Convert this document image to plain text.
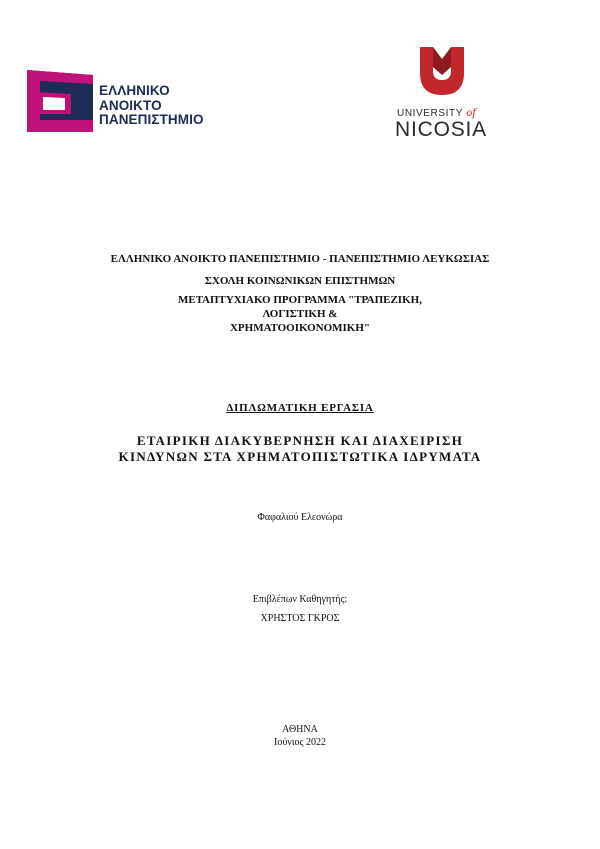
ΕΛΛΗΝΙΚΟ
ΑΝΟΙΚΤΟ
ΠΑΝΕΠΙΣΤΗΜΙΟ	UNIVERSITY of
NICOSIA
ΕΛΛΗΝΙΚΟ ΑΝΟΙΚΤΟ ΠΑΝΕΠΙΣΤΗΜΙΟ - ΠΑΝΕΠΙΣΤΗΜΙΟ ΛΕΥΚΩΣΙΑΣ
ΣΧΟΛΗ ΚΟΙΝΩΝΙΚΩΝ ΕΠΙΣΤΗΜΩΝ
ΜΕΤΑΠΤΥΧΙΑΚΟ ΠΡΟΓΡΑΜΜΑ "ΤΡΑΠΕΖΙΚΗ, ΛΟΓΙΣΤΙΚΗ &
ΧΡΗΜΑΤΟΟΙΚΟΝΟΜΙΚΗ"
ΔΙΠΛΩΜΑΤΙΚΗ ΕΡΓΑΣΙΑ
ΕΤΑΙΡΙΚΗ ΔΙΑΚΥΒΕΡΝΗΣΗ ΚΑΙ ΔΙΑΧΕΙΡΙΣΗ
ΚΙΝΔΥΝΩΝ ΣΤΑ ΧΡΗΜΑΤΟΠΙΣΤΩΤΙΚΑ ΙΔΡΥΜΑΤΑ
Φαφαλιού Ελεονώρα
Επιβλέπων Καθηγητής:
ΧΡΗΣΤΟΣ ΓΚΡΟΣ
ΑΘΗΝΑ
Ιούνιος 2022
